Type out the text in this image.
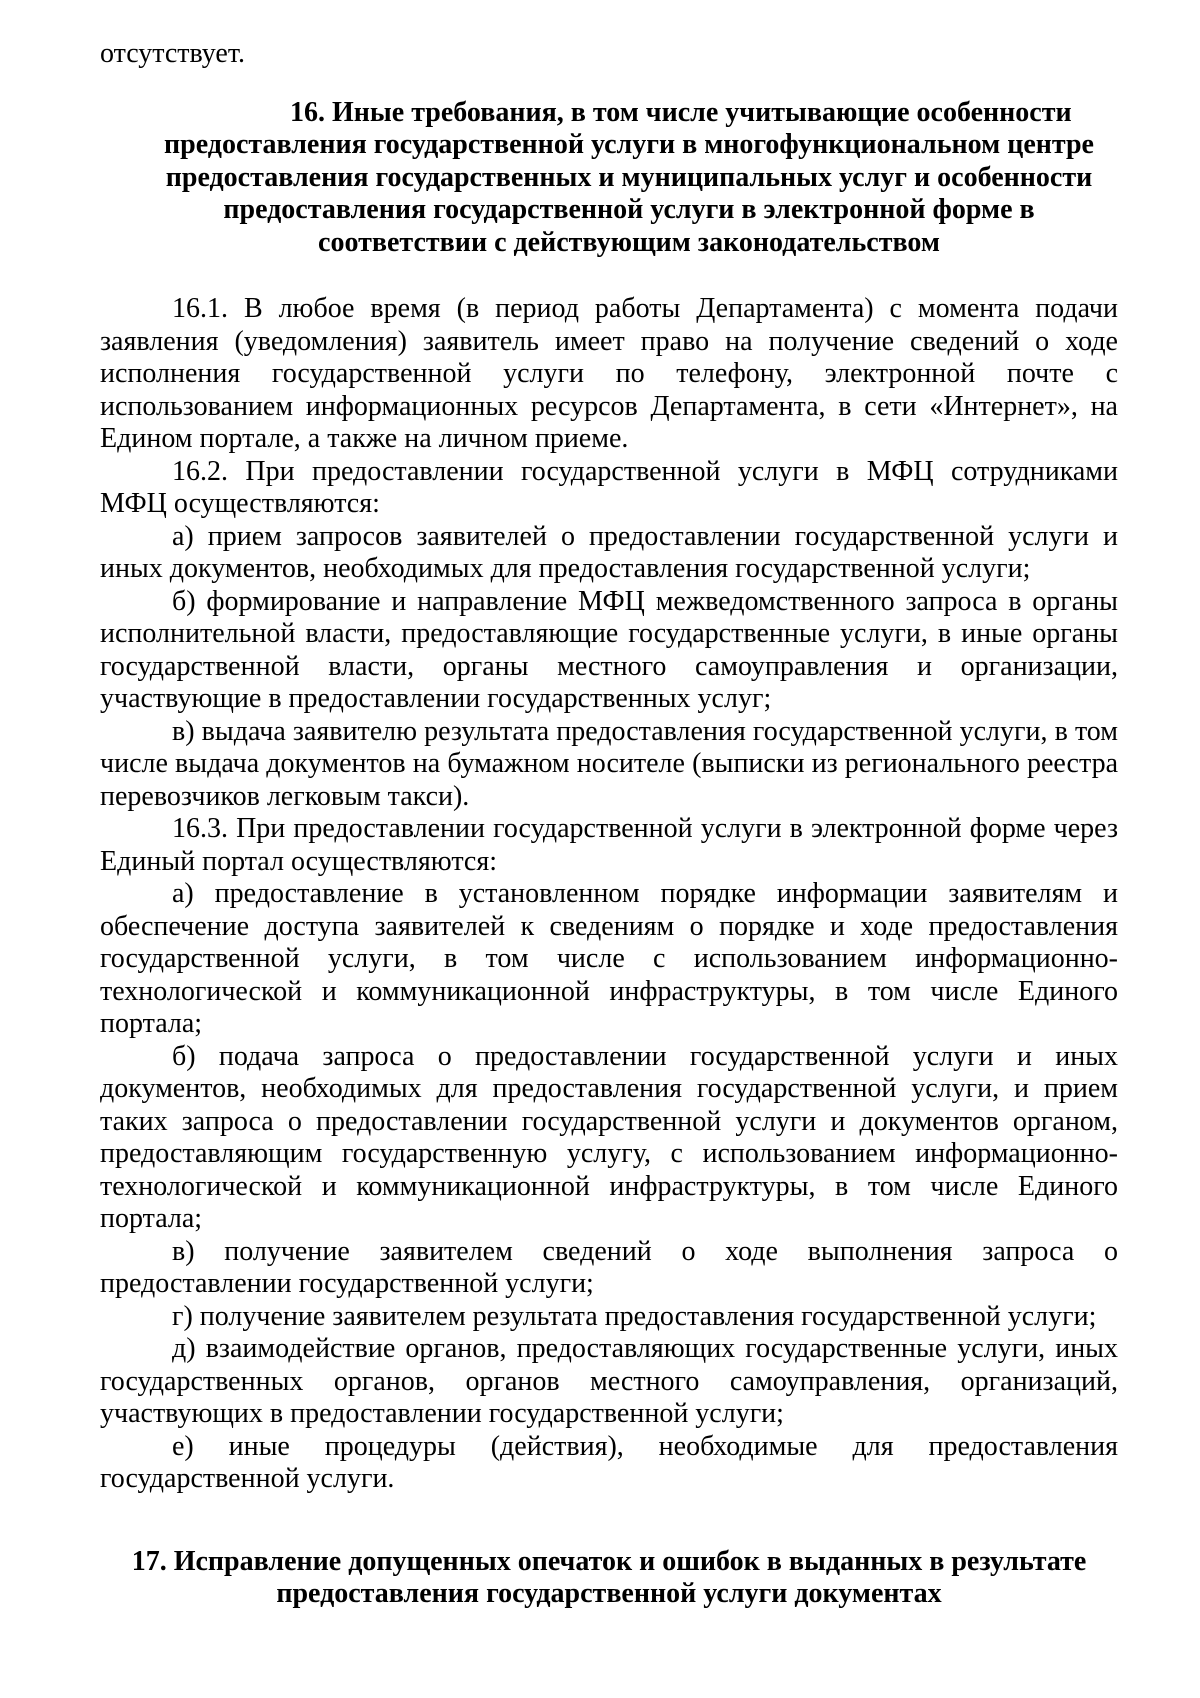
отсутствует.

16. Иные требования, в том числе учитывающие особенности
предоставления государственной услуги в многофункциональном центре предоставления государственных и муниципальных услуг и особенности предоставления государственной услуги в электронной форме в соответствии с действующим законодательством

16.1. В любое время (в период работы Департамента) с момента подачи заявления (уведомления) заявитель имеет право на получение сведений о ходе исполнения государственной услуги по телефону, электронной почте с использованием информационных ресурсов Департамента, в сети «Интернет», на Едином портале, а также на личном приеме.

16.2. При предоставлении государственной услуги в МФЦ сотрудниками МФЦ осуществляются:

а) прием запросов заявителей о предоставлении государственной услуги и иных документов, необходимых для предоставления государственной услуги;

б) формирование и направление МФЦ межведомственного запроса в органы исполнительной власти, предоставляющие государственные услуги, в иные органы государственной власти, органы местного самоуправления и организации, участвующие в предоставлении государственных услуг;

в) выдача заявителю результата предоставления государственной услуги, в том числе выдача документов на бумажном носителе (выписки из регионального реестра перевозчиков легковым такси).

16.3. При предоставлении государственной услуги в электронной форме через Единый портал осуществляются:

а) предоставление в установленном порядке информации заявителям и обеспечение доступа заявителей к сведениям о порядке и ходе предоставления государственной услуги, в том числе с использованием информационно-технологической и коммуникационной инфраструктуры, в том числе Единого портала;

б) подача запроса о предоставлении государственной услуги и иных документов, необходимых для предоставления государственной услуги, и прием таких запроса о предоставлении государственной услуги и документов органом, предоставляющим государственную услугу, с использованием информационно-технологической и коммуникационной инфраструктуры, в том числе Единого портала;

в) получение заявителем сведений о ходе выполнения запроса о предоставлении государственной услуги;

г) получение заявителем результата предоставления государственной услуги;

д) взаимодействие органов, предоставляющих государственные услуги, иных государственных органов, органов местного самоуправления, организаций, участвующих в предоставлении государственной услуги;

е) иные процедуры (действия), необходимые для предоставления государственной услуги.

17. Исправление допущенных опечаток и ошибок в выданных в результате предоставления государственной услуги документах
